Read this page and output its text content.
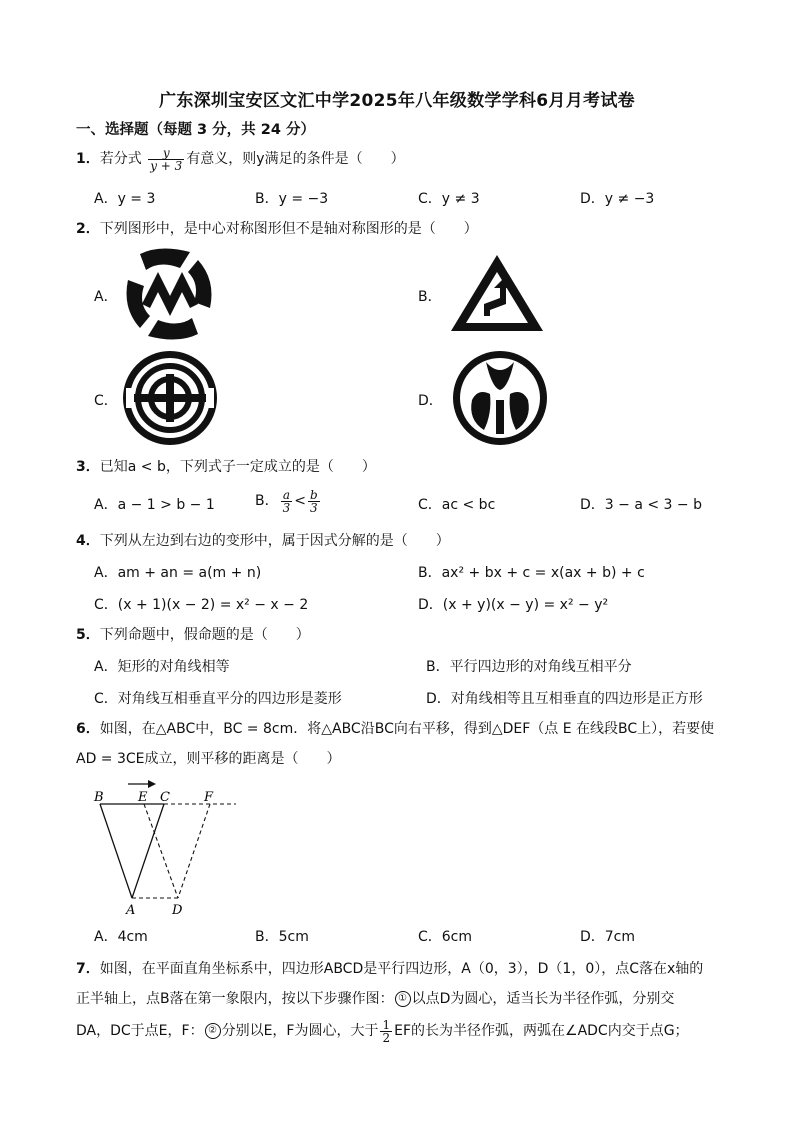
广东深圳宝安区文汇中学2025年八年级数学学科6月月考试卷
一、选择题（每题 3 分，共 24 分）
1．若分式 $\frac{y}{y + 3}$ 有意义，则y满足的条件是（　　）
A．y = 3	B．y = −3	C．y ≠ 3	D．y ≠ −3
2．下列图形中，是中心对称图形但不是轴对称图形的是（　　）
A．	B．
C．	D．
3．已知a < b，下列式子一定成立的是（　　）
A．a − 1 > b − 1	B． $\frac{a}{3} < \frac{b}{3}$	C．ac < bc	D．3 − a < 3 − b
4．下列从左边到右边的变形中，属于因式分解的是（　　）
A．am + an = a(m + n)	B．ax² + bx + c = x(ax + b) + c
C．(x + 1)(x − 2) = x² − x − 2	D．(x + y)(x − y) = x² − y²
5．下列命题中，假命题的是（　　）
A．矩形的对角线相等	B．平行四边形的对角线互相平分
C．对角线互相垂直平分的四边形是菱形	D．对角线相等且互相垂直的四边形是正方形
6．如图，在△ABC中，BC = 8cm．将△ABC沿BC向右平移，得到△DEF（点 E 在线段BC上），若要使
AD = 3CE成立，则平移的距离是（　　）
B	E C	F
A	D
A．4cm	B．5cm	C．6cm	D．7cm
7．如图，在平面直角坐标系中，四边形ABCD是平行四边形，A（0，3），D（1，0），点C落在x轴的
正半轴上，点B落在第一象限内，按以下步骤作图： ① 以点D为圆心，适当长为半径作弧，分别交
DA，DC于点E，F： ② 分别以E，F为圆心，大于 $\frac{1}{2}$ EF的长为半径作弧，两弧在∠ADC内交于点G；
